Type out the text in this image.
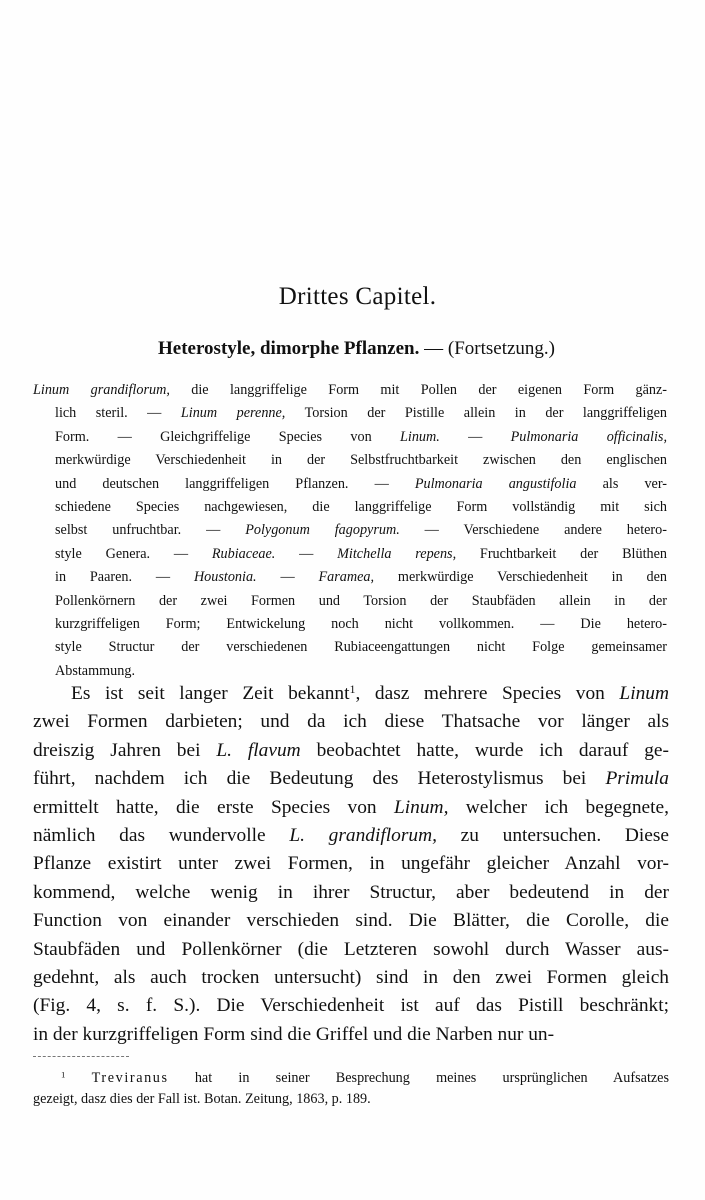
Drittes Capitel.
Heterostyle, dimorphe Pflanzen. — (Fortsetzung.)
Linum grandiflorum, die langgriffelige Form mit Pollen der eigenen Form gänz-
lich steril. — Linum perenne, Torsion der Pistille allein in der langgriffeligen
Form. — Gleichgriffelige Species von Linum. — Pulmonaria officinalis,
merkwürdige Verschiedenheit in der Selbstfruchtbarkeit zwischen den englischen
und deutschen langgriffeligen Pflanzen. — Pulmonaria angustifolia als ver-
schiedene Species nachgewiesen, die langgriffelige Form vollständig mit sich
selbst unfruchtbar. — Polygonum fagopyrum. — Verschiedene andere hetero-
style Genera. — Rubiaceae. — Mitchella repens, Fruchtbarkeit der Blüthen
in Paaren. — Houstonia. — Faramea, merkwürdige Verschiedenheit in den
Pollenkörnern der zwei Formen und Torsion der Staubfäden allein in der
kurzgriffeligen Form; Entwickelung noch nicht vollkommen. — Die hetero-
style Structur der verschiedenen Rubiaceengattungen nicht Folge gemeinsamer
Abstammung.
Es ist seit langer Zeit bekannt$^1$, dasz mehrere Species von Linum
zwei Formen darbieten; und da ich diese Thatsache vor länger als
dreiszig Jahren bei L. flavum beobachtet hatte, wurde ich darauf ge-
führt, nachdem ich die Bedeutung des Heterostylismus bei Primula
ermittelt hatte, die erste Species von Linum, welcher ich begegnete,
nämlich das wundervolle L. grandiflorum, zu untersuchen. Diese
Pflanze existirt unter zwei Formen, in ungefähr gleicher Anzahl vor-
kommend, welche wenig in ihrer Structur, aber bedeutend in der
Function von einander verschieden sind. Die Blätter, die Corolle, die
Staubfäden und Pollenkörner (die Letzteren sowohl durch Wasser aus-
gedehnt, als auch trocken untersucht) sind in den zwei Formen gleich
(Fig. 4, s. f. S.). Die Verschiedenheit ist auf das Pistill beschränkt;
in der kurzgriffeligen Form sind die Griffel und die Narben nur un-
$^1$ Treviranus hat in seiner Besprechung meines ursprünglichen Aufsatzes
gezeigt, dasz dies der Fall ist. Botan. Zeitung, 1863, p. 189.
